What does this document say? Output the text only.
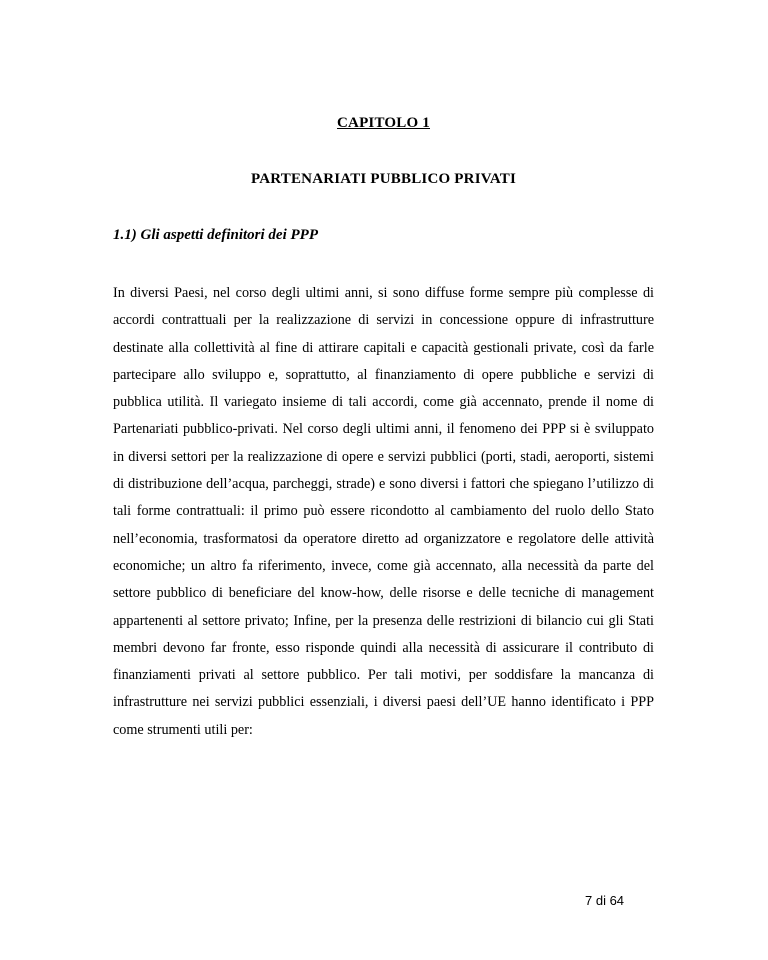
CAPITOLO 1
PARTENARIATI PUBBLICO PRIVATI
1.1) Gli aspetti definitori dei PPP

In diversi Paesi, nel corso degli ultimi anni, si sono diffuse forme sempre più complesse di accordi contrattuali per la realizzazione di servizi in concessione oppure di infrastrutture destinate alla collettività al fine di attirare capitali e capacità gestionali private, così da farle partecipare allo sviluppo e, soprattutto, al finanziamento di opere pubbliche e servizi di pubblica utilità. Il variegato insieme di tali accordi, come già accennato, prende il nome di Partenariati pubblico-privati. Nel corso degli ultimi anni, il fenomeno dei PPP si è sviluppato in diversi settori per la realizzazione di opere e servizi pubblici (porti, stadi, aeroporti, sistemi di distribuzione dell’acqua, parcheggi, strade) e sono diversi i fattori che spiegano l’utilizzo di tali forme contrattuali: il primo può essere ricondotto al cambiamento del ruolo dello Stato nell’economia, trasformatosi da operatore diretto ad organizzatore e regolatore delle attività economiche; un altro fa riferimento, invece, come già accennato, alla necessità da parte del settore pubblico di beneficiare del know-how, delle risorse e delle tecniche di management appartenenti al settore privato; Infine, per la presenza delle restrizioni di bilancio cui gli Stati membri devono far fronte, esso risponde quindi alla necessità di assicurare il contributo di finanziamenti privati al settore pubblico. Per tali motivi, per soddisfare la mancanza di infrastrutture nei servizi pubblici essenziali, i diversi paesi dell’UE hanno identificato i PPP come strumenti utili per:

7 di 64
